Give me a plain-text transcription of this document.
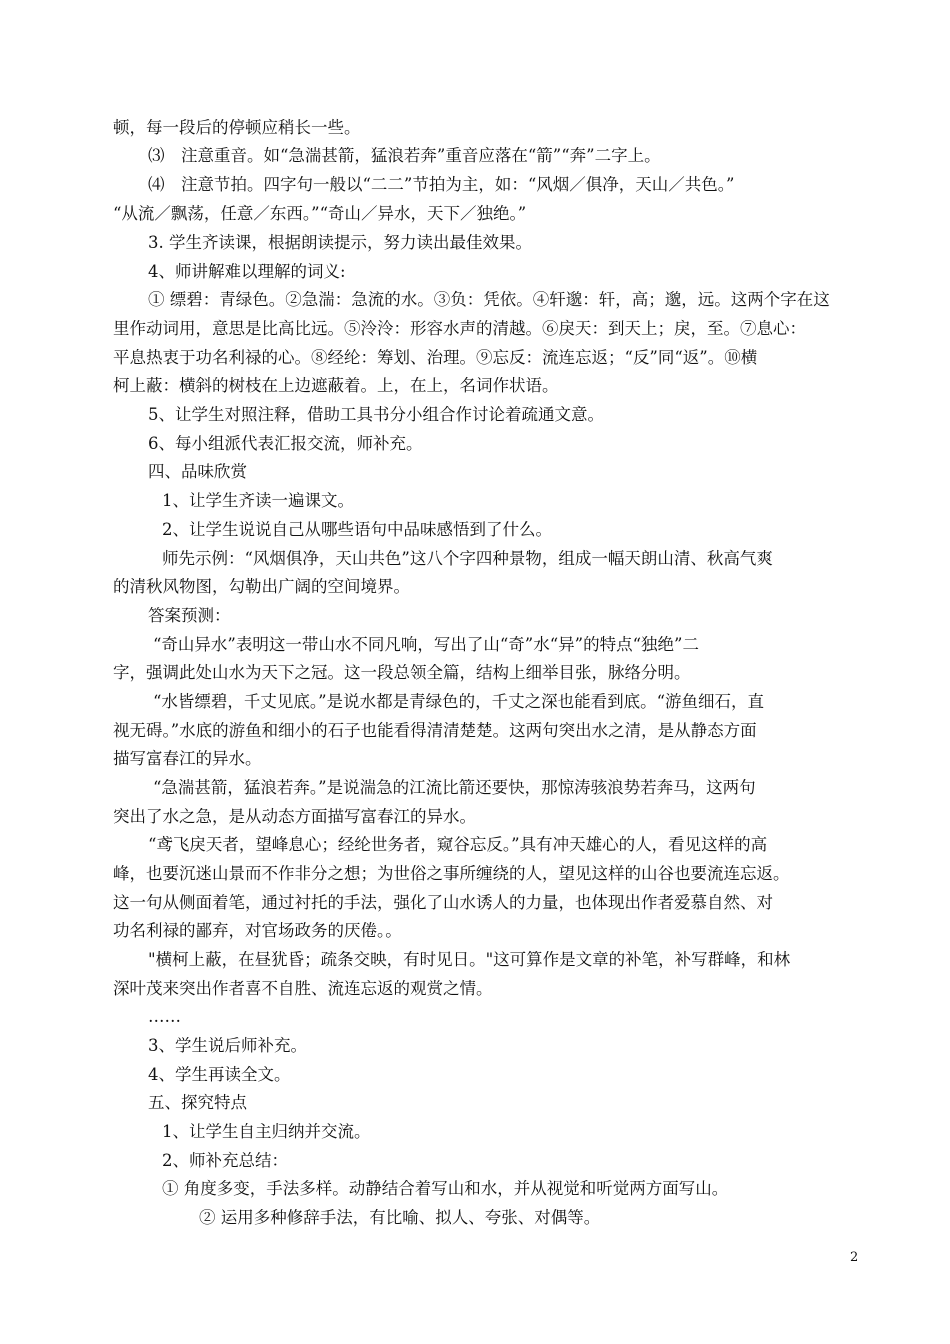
顿，每一段后的停顿应稍长一些。
⑶　注意重音。如“急湍甚箭，猛浪若奔”重音应落在“箭”“奔”二字上。
⑷　注意节拍。四字句一般以“二二”节拍为主，如：“风烟／俱净，天山／共色。”
“从流／飘荡，任意／东西。”“奇山／异水，天下／独绝。”
3. 学生齐读课，根据朗读提示，努力读出最佳效果。
4、师讲解难以理解的词义:
① 缥碧：青绿色。②急湍：急流的水。③负：凭依。④轩邈：轩，高；邈，远。这两个字在这
里作动词用，意思是比高比远。⑤泠泠：形容水声的清越。⑥戾天：到天上；戾，至。⑦息心：
平息热衷于功名利禄的心。⑧经纶：筹划、治理。⑨忘反：流连忘返；“反”同“返”。⑩横
柯上蔽：横斜的树枝在上边遮蔽着。上，在上，名词作状语。
5、让学生对照注释，借助工具书分小组合作讨论着疏通文意。
6、每小组派代表汇报交流，师补充。
四、品味欣赏
1、让学生齐读一遍课文。
2、让学生说说自己从哪些语句中品味感悟到了什么。
师先示例：“风烟俱净，天山共色”这八个字四种景物，组成一幅天朗山清、秋高气爽
的清秋风物图，勾勒出广阔的空间境界。
答案预测：
“奇山异水”表明这一带山水不同凡响，写出了山“奇”水“异”的特点“独绝”二
字，强调此处山水为天下之冠。这一段总领全篇，结构上细举目张，脉络分明。
“水皆缥碧，千丈见底。”是说水都是青绿色的，千丈之深也能看到底。“游鱼细石，直
视无碍。”水底的游鱼和细小的石子也能看得清清楚楚。这两句突出水之清，是从静态方面
描写富春江的异水。
“急湍甚箭，猛浪若奔。”是说湍急的江流比箭还要快，那惊涛骇浪势若奔马，这两句
突出了水之急，是从动态方面描写富春江的异水。
“鸢飞戾天者，望峰息心；经纶世务者，窥谷忘反。”具有冲天雄心的人，看见这样的高
峰，也要沉迷山景而不作非分之想；为世俗之事所缠绕的人，望见这样的山谷也要流连忘返。
这一句从侧面着笔，通过衬托的手法，强化了山水诱人的力量，也体现出作者爱慕自然、对
功名利禄的鄙弃，对官场政务的厌倦。。
"横柯上蔽，在昼犹昏；疏条交映，有时见日。"这可算作是文章的补笔，补写群峰，和林
深叶茂来突出作者喜不自胜、流连忘返的观赏之情。
……
3、学生说后师补充。
4、学生再读全文。
五、探究特点
1、让学生自主归纳并交流。
2、师补充总结：
① 角度多变，手法多样。动静结合着写山和水，并从视觉和听觉两方面写山。
② 运用多种修辞手法，有比喻、拟人、夸张、对偶等。
2
